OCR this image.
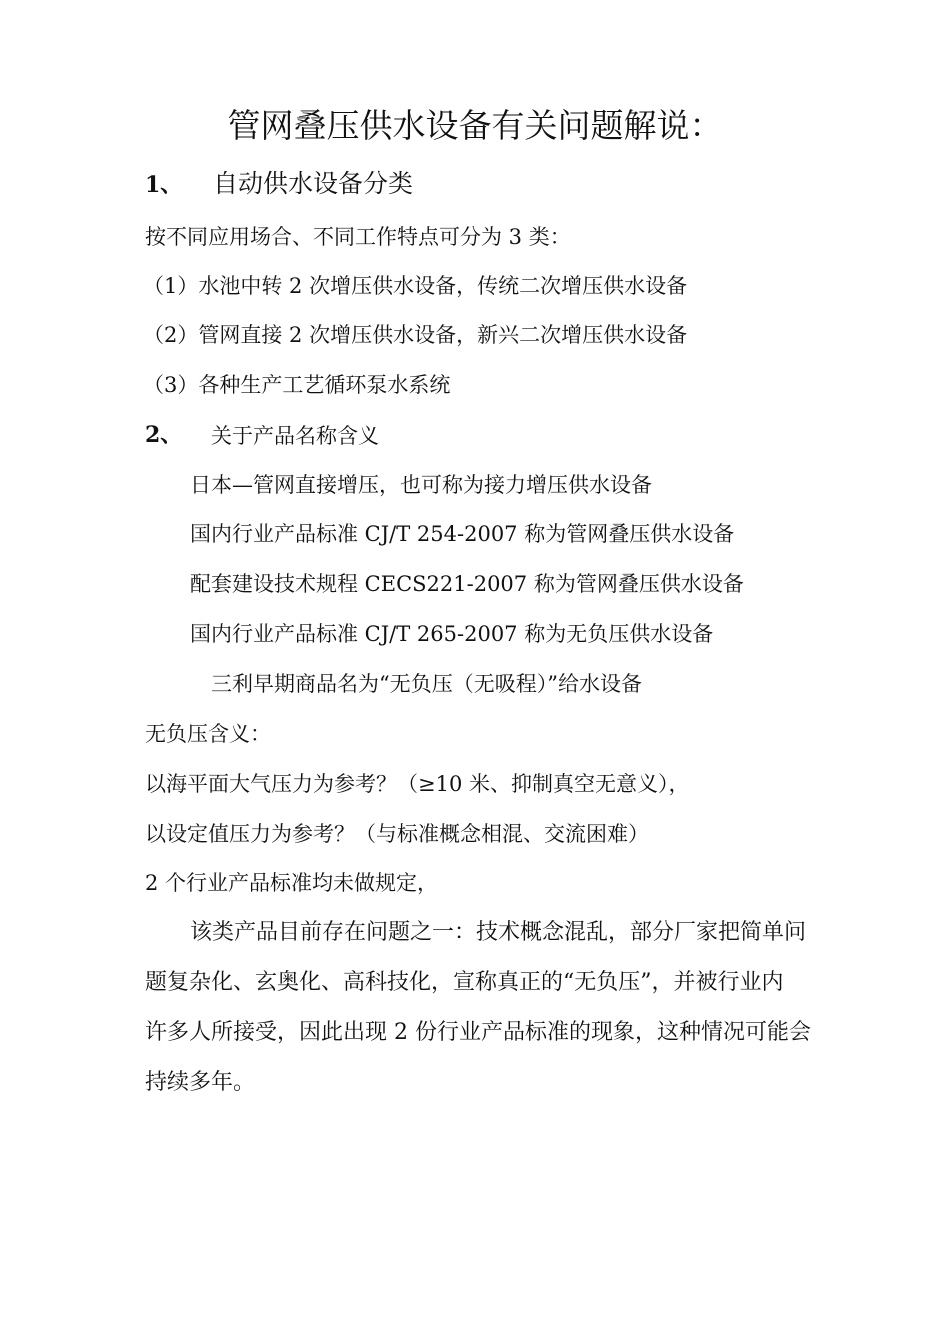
管网叠压供水设备有关问题解说：
1、 自动供水设备分类
按不同应用场合、不同工作特点可分为 3 类：
（1）水池中转 2 次增压供水设备，传统二次增压供水设备
（2）管网直接 2 次增压供水设备，新兴二次增压供水设备
（3）各种生产工艺循环泵水系统
2、 关于产品名称含义
日本—管网直接增压，也可称为接力增压供水设备
国内行业产品标准 CJ/T 254-2007 称为管网叠压供水设备
配套建设技术规程 CECS221-2007 称为管网叠压供水设备
国内行业产品标准 CJ/T 265-2007 称为无负压供水设备
三利早期商品名为“无负压（无吸程）”给水设备
无负压含义：
以海平面大气压力为参考？（≥10 米、抑制真空无意义），
以设定值压力为参考？（与标准概念相混、交流困难）
2 个行业产品标准均未做规定，
该类产品目前存在问题之一：技术概念混乱，部分厂家把简单问
题复杂化、玄奥化、高科技化，宣称真正的“无负压”，并被行业内
许多人所接受，因此出现 2 份行业产品标准的现象，这种情况可能会
持续多年。
